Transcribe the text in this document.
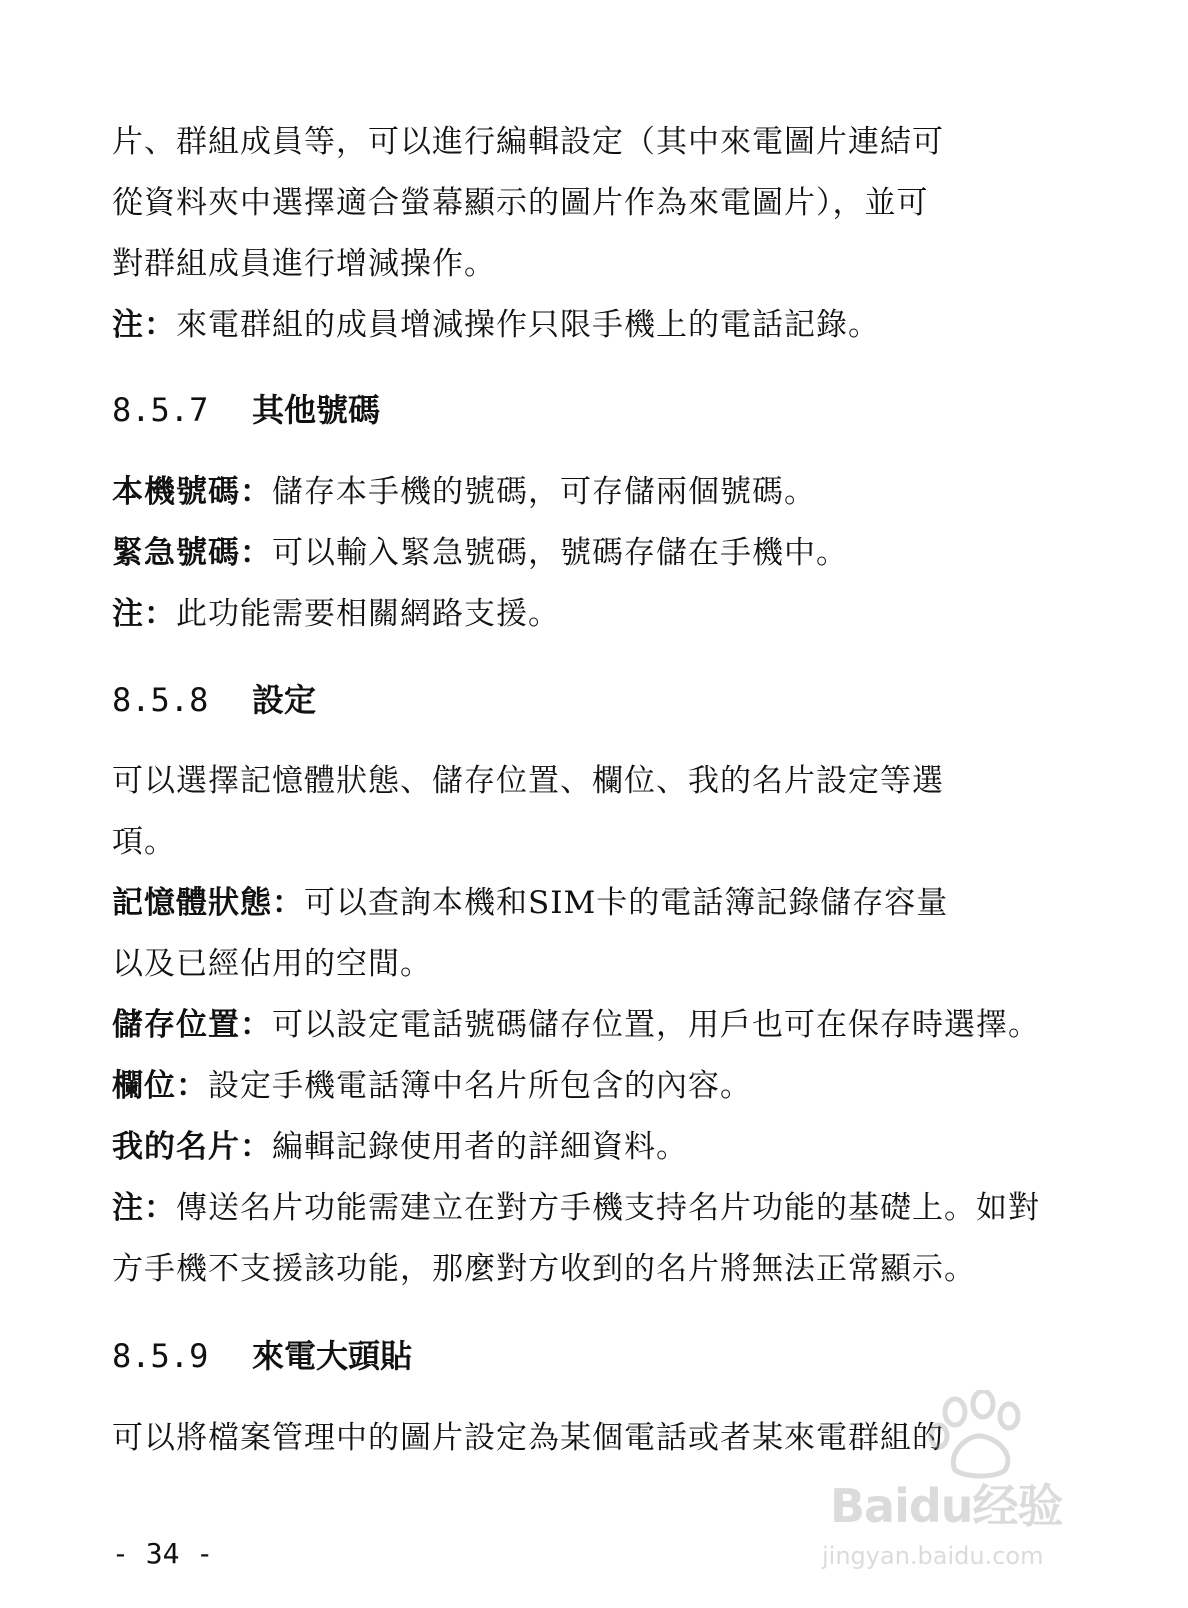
片、群組成員等，可以進行編輯設定（其中來電圖片連結可
從資料夾中選擇適合螢幕顯示的圖片作為來電圖片），並可
對群組成員進行增減操作。
注：來電群組的成員增減操作只限手機上的電話記錄。
8.5.7 其他號碼
本機號碼：儲存本手機的號碼，可存儲兩個號碼。
緊急號碼：可以輸入緊急號碼，號碼存儲在手機中。
注：此功能需要相關網路支援。
8.5.8 設定
可以選擇記憶體狀態、儲存位置、欄位、我的名片設定等選
項。
記憶體狀態：可以查詢本機和SIM卡的電話簿記錄儲存容量
以及已經佔用的空間。
儲存位置：可以設定電話號碼儲存位置，用戶也可在保存時選擇。
欄位：設定手機電話簿中名片所包含的內容。
我的名片：編輯記錄使用者的詳細資料。
注：傳送名片功能需建立在對方手機支持名片功能的基礎上。如對
方手機不支援該功能，那麼對方收到的名片將無法正常顯示。
8.5.9 來電大頭貼
可以將檔案管理中的圖片設定為某個電話或者某來電群組的
- 34 -
Baidu经验
jingyan.baidu.com
